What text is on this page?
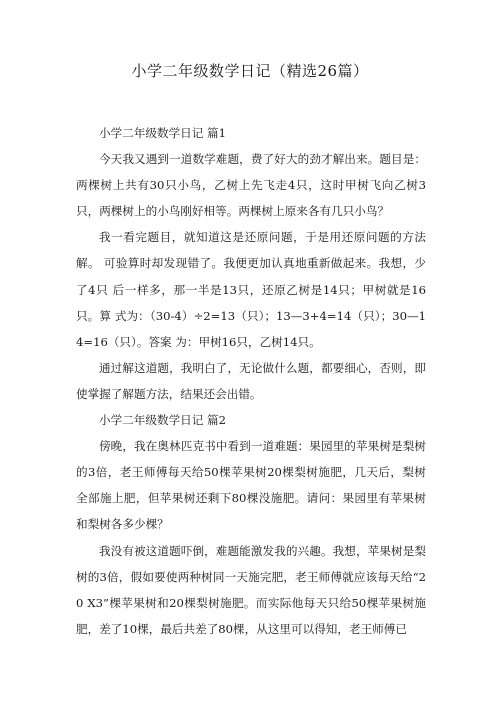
小学二年级数学日记（精选26篇）

小学二年级数学日记 篇1

今天我又遇到一道数学难题，费了好大的劲才解出来。题目是：两棵树上共有30只小鸟，乙树上先飞走4只，这时甲树飞向乙树3只，两棵树上的小鸟刚好相等。两棵树上原来各有几只小鸟？

我一看完题目，就知道这是还原问题，于是用还原问题的方法解。 可验算时却发现错了。我便更加认真地重新做起来。我想，少了4只 后一样多，那一半是13只，还原乙树是14只；甲树就是16只。算 式为：（30-4）÷2=13（只）；13—3+4=14（只）；30—14=16（只）。答案 为：甲树16只，乙树14只。

通过解这道题，我明白了，无论做什么题，都要细心，否则，即使掌握了解题方法，结果还会出错。

小学二年级数学日记 篇2

傍晚，我在奥林匹克书中看到一道难题：果园里的苹果树是梨树的3倍，老王师傅每天给50棵苹果树20棵梨树施肥，几天后，梨树 全部施上肥，但苹果树还剩下80棵没施肥。请问：果园里有苹果树 和梨树各多少棵？

我没有被这道题吓倒，难题能激发我的兴趣。我想，苹果树是梨树的3倍，假如要使两种树同一天施完肥，老王师傅就应该每天给“20 X3”棵苹果树和20棵梨树施肥。而实际他每天只给50棵苹果树施 肥，差了10棵，最后共差了80棵，从这里可以得知，老王师傅已
